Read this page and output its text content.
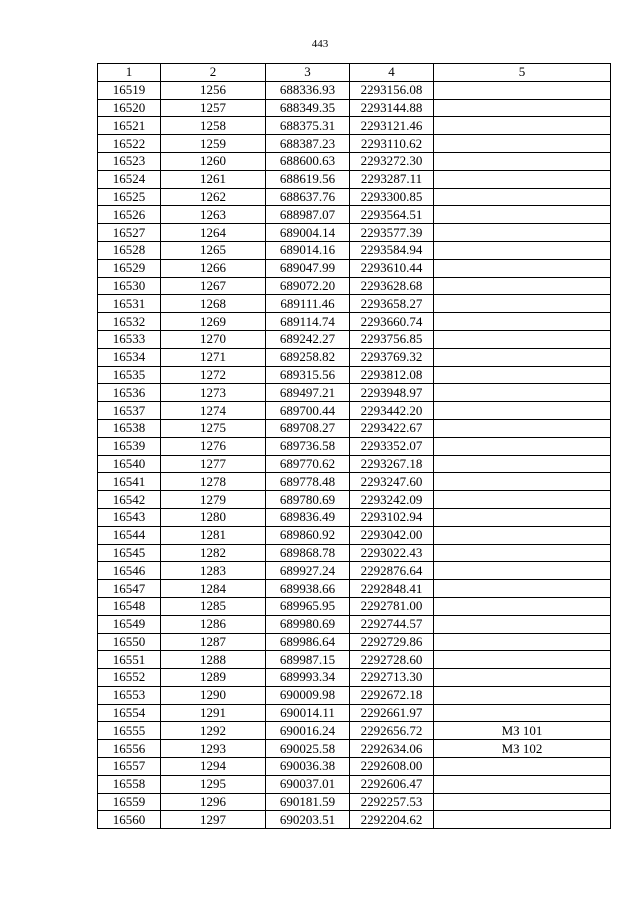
443
1	2	3	4	5
16519	1256	688336.93	2293156.08	
16520	1257	688349.35	2293144.88	
16521	1258	688375.31	2293121.46	
16522	1259	688387.23	2293110.62	
16523	1260	688600.63	2293272.30	
16524	1261	688619.56	2293287.11	
16525	1262	688637.76	2293300.85	
16526	1263	688987.07	2293564.51	
16527	1264	689004.14	2293577.39	
16528	1265	689014.16	2293584.94	
16529	1266	689047.99	2293610.44	
16530	1267	689072.20	2293628.68	
16531	1268	689111.46	2293658.27	
16532	1269	689114.74	2293660.74	
16533	1270	689242.27	2293756.85	
16534	1271	689258.82	2293769.32	
16535	1272	689315.56	2293812.08	
16536	1273	689497.21	2293948.97	
16537	1274	689700.44	2293442.20	
16538	1275	689708.27	2293422.67	
16539	1276	689736.58	2293352.07	
16540	1277	689770.62	2293267.18	
16541	1278	689778.48	2293247.60	
16542	1279	689780.69	2293242.09	
16543	1280	689836.49	2293102.94	
16544	1281	689860.92	2293042.00	
16545	1282	689868.78	2293022.43	
16546	1283	689927.24	2292876.64	
16547	1284	689938.66	2292848.41	
16548	1285	689965.95	2292781.00	
16549	1286	689980.69	2292744.57	
16550	1287	689986.64	2292729.86	
16551	1288	689987.15	2292728.60	
16552	1289	689993.34	2292713.30	
16553	1290	690009.98	2292672.18	
16554	1291	690014.11	2292661.97	
16555	1292	690016.24	2292656.72	МЗ 101
16556	1293	690025.58	2292634.06	МЗ 102
16557	1294	690036.38	2292608.00	
16558	1295	690037.01	2292606.47	
16559	1296	690181.59	2292257.53	
16560	1297	690203.51	2292204.62	
